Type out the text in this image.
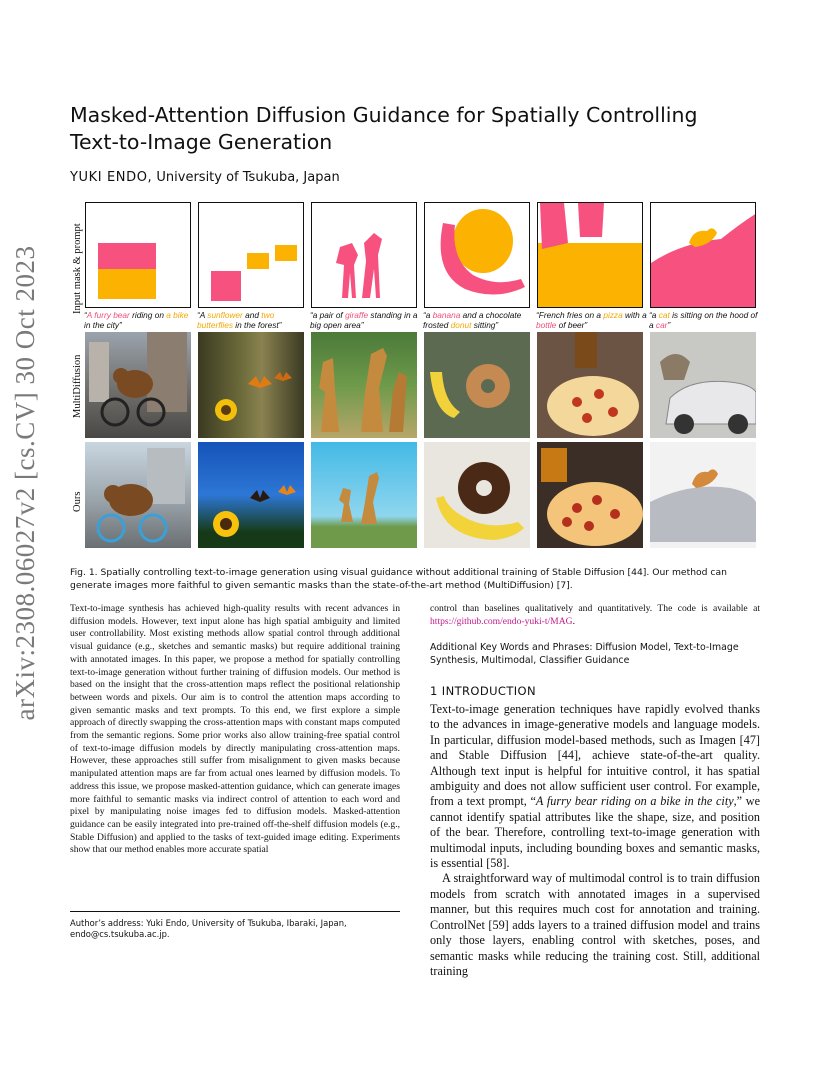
arXiv:2308.06027v2 [cs.CV] 30 Oct 2023
Masked-Attention Diffusion Guidance for Spatially Controlling
Text-to-Image Generation
YUKI ENDO, University of Tsukuba, Japan
Input mask & prompt
MultiDiffusion
Ours
“A furry bear riding on a bike in the city”
“A sunflower and two butterflies in the forest”
“a pair of giraffe standing in a big open area”
“a banana and a chocolate frosted donut sitting”
“French fries on a pizza with a bottle of beer”
“a cat is sitting on the hood of a car”
Fig. 1. Spatially controlling text-to-image generation using visual guidance without additional training of Stable Diffusion [44]. Our method can generate images more faithful to given semantic masks than the state-of-the-art method (MultiDiffusion) [7].

Text-to-image synthesis has achieved high-quality results with recent advances in diffusion models. However, text input alone has high spatial ambiguity and limited user controllability. Most existing methods allow spatial control through additional visual guidance (e.g., sketches and semantic masks) but require additional training with annotated images. In this paper, we propose a method for spatially controlling text-to-image generation without further training of diffusion models. Our method is based on the insight that the cross-attention maps reflect the positional relationship between words and pixels. Our aim is to control the attention maps according to given semantic masks and text prompts. To this end, we first explore a simple approach of directly swapping the cross-attention maps with constant maps computed from the semantic regions. Some prior works also allow training-free spatial control of text-to-image diffusion models by directly manipulating cross-attention maps. However, these approaches still suffer from misalignment to given masks because manipulated attention maps are far from actual ones learned by diffusion models. To address this issue, we propose masked-attention guidance, which can generate images more faithful to semantic masks via indirect control of attention to each word and pixel by manipulating noise images fed to diffusion models. Masked-attention guidance can be easily integrated into pre-trained off-the-shelf diffusion models (e.g., Stable Diffusion) and applied to the tasks of text-guided image editing. Experiments show that our method enables more accurate spatial

Author’s address: Yuki Endo, University of Tsukuba, Ibaraki, Japan, endo@cs.tsukuba.ac.jp.

control than baselines qualitatively and quantitatively. The code is available at https://github.com/endo-yuki-t/MAG.

Additional Key Words and Phrases: Diffusion Model, Text-to-Image Synthesis, Multimodal, Classifier Guidance
1 INTRODUCTION

Text-to-image generation techniques have rapidly evolved thanks to the advances in image-generative models and language models. In particular, diffusion model-based methods, such as Imagen [47] and Stable Diffusion [44], achieve state-of-the-art quality. Although text input is helpful for intuitive control, it has spatial ambiguity and does not allow sufficient user control. For example, from a text prompt, “A furry bear riding on a bike in the city,” we cannot identify spatial attributes like the shape, size, and position of the bear. Therefore, controlling text-to-image generation with multimodal inputs, including bounding boxes and semantic masks, is essential [58].

A straightforward way of multimodal control is to train diffusion models from scratch with annotated images in a supervised manner, but this requires much cost for annotation and training. ControlNet [59] adds layers to a trained diffusion model and trains only those layers, enabling control with sketches, poses, and semantic masks while reducing the training cost. Still, additional training
